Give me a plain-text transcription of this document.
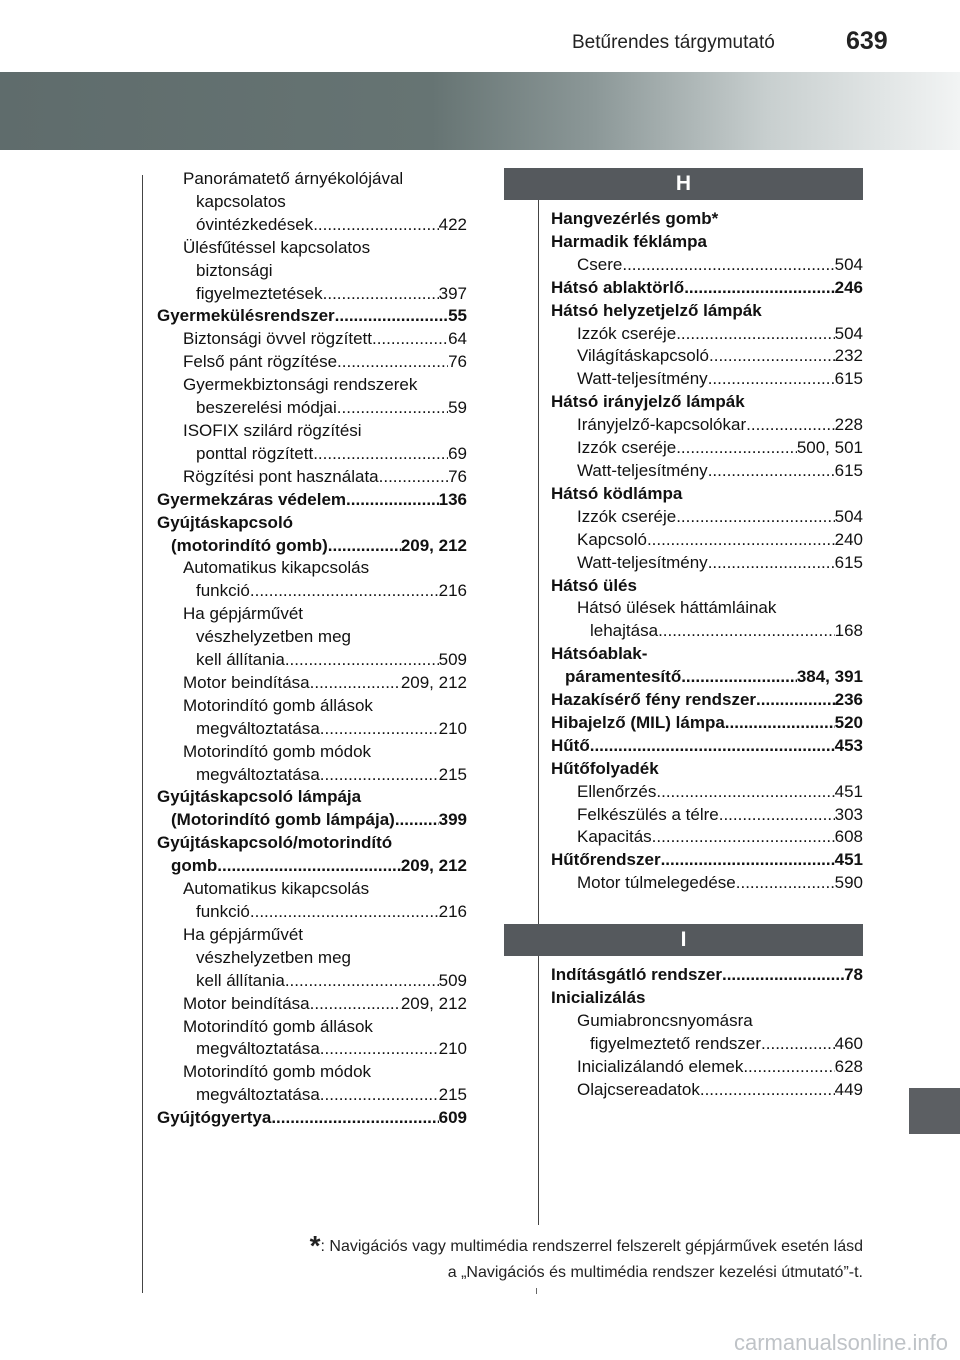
Betűrendes tárgymutató	639
Panorámatető árnyékolójával
kapcsolatos
óvintézkedések .....	422
Ülésfűtéssel kapcsolatos
biztonsági
figyelmeztetések .....	397
Gyermekülésrendszer .....	55
Biztonsági övvel rögzített .....	64
Felső pánt rögzítése .....	76
Gyermekbiztonsági rendszerek
beszerelési módjai .....	59
ISOFIX szilárd rögzítési
ponttal rögzített .....	69
Rögzítési pont használata .....	76
Gyermekzáras védelem .....	136
Gyújtáskapcsoló
(motorindító gomb) .....	209, 212
Automatikus kikapcsolás
funkció .....	216
Ha gépjárművét
vészhelyzetben meg
kell állítania .....	509
Motor beindítása .....	209, 212
Motorindító gomb állások
megváltoztatása .....	210
Motorindító gomb módok
megváltoztatása .....	215
Gyújtáskapcsoló lámpája
(Motorindító gomb lámpája) .....	399
Gyújtáskapcsoló/motorindító
gomb .....	209, 212
Automatikus kikapcsolás
funkció .....	216
Ha gépjárművét
vészhelyzetben meg
kell állítania .....	509
Motor beindítása .....	209, 212
Motorindító gomb állások
megváltoztatása .....	210
Motorindító gomb módok
megváltoztatása .....	215
Gyújtógyertya .....	609
H
Hangvezérlés gomb*
Harmadik féklámpa
Csere .....	504
Hátsó ablaktörlő .....	246
Hátsó helyzetjelző lámpák
Izzók cseréje .....	504
Világításkapcsoló .....	232
Watt-teljesítmény .....	615
Hátsó irányjelző lámpák
Irányjelző-kapcsolókar .....	228
Izzók cseréje .....	500, 501
Watt-teljesítmény .....	615
Hátsó ködlámpa
Izzók cseréje .....	504
Kapcsoló .....	240
Watt-teljesítmény .....	615
Hátsó ülés
Hátsó ülések háttámláinak
lehajtása .....	168
Hátsóablak-
páramentesítő .....	384, 391
Hazakísérő fény rendszer .....	236
Hibajelző (MIL) lámpa .....	520
Hűtő .....	453
Hűtőfolyadék
Ellenőrzés .....	451
Felkészülés a télre .....	303
Kapacitás .....	608
Hűtőrendszer .....	451
Motor túlmelegedése .....	590
I
Indításgátló rendszer .....	78
Inicializálás
Gumiabroncsnyomásra
figyelmeztető rendszer .....	460
Inicializálandó elemek .....	628
Olajcsereadatok .....	449
*: Navigációs vagy multimédia rendszerrel felszerelt gépjárművek esetén lásd
a „Navigációs és multimédia rendszer kezelési útmutató”-t.
carmanualsonline.info
